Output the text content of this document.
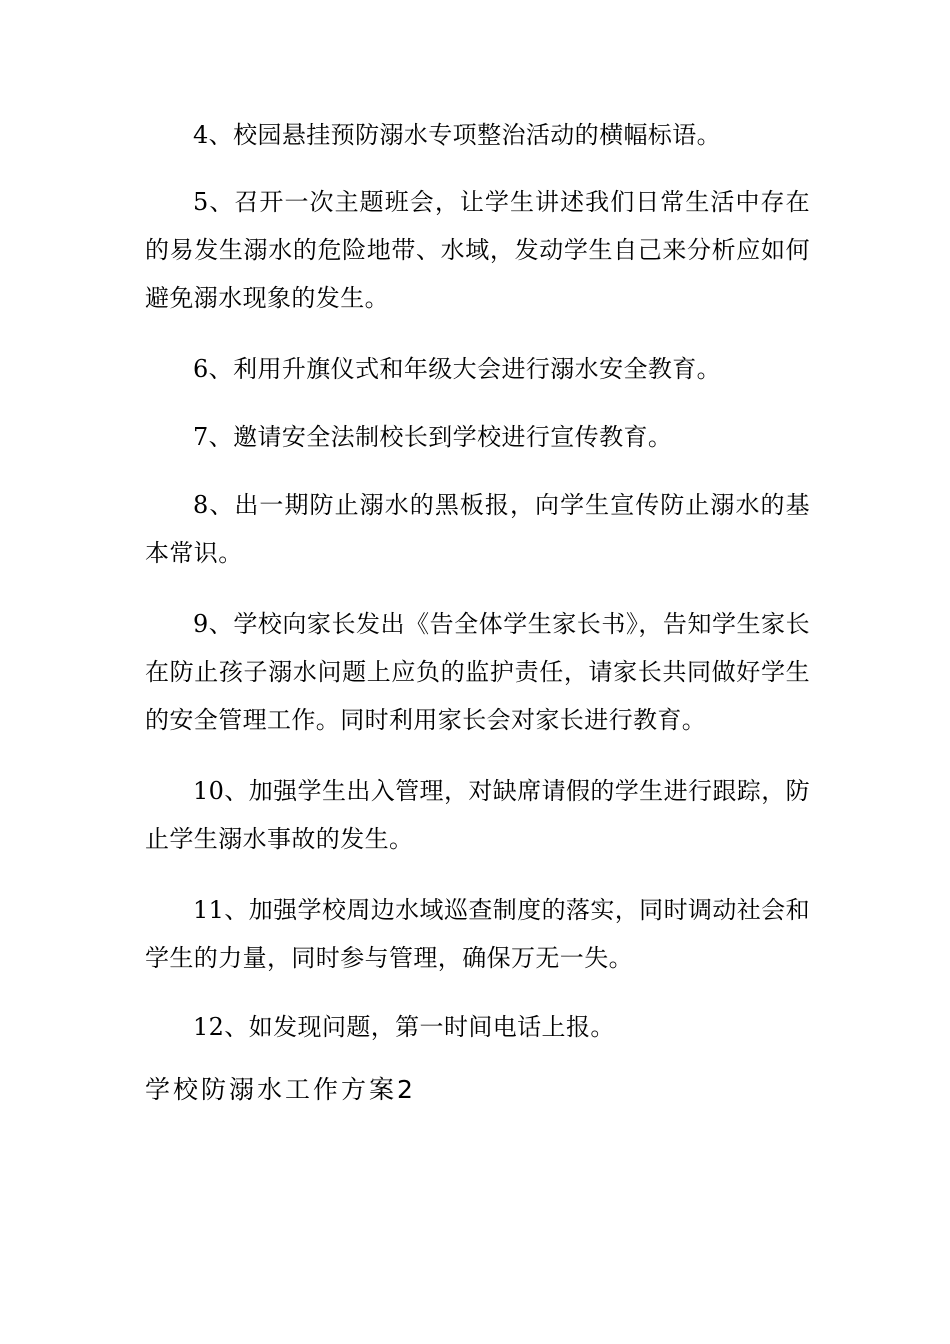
4、校园悬挂预防溺水专项整治活动的横幅标语。

5、召开一次主题班会，让学生讲述我们日常生活中存在的易发生溺水的危险地带、水域，发动学生自己来分析应如何避免溺水现象的发生。

6、利用升旗仪式和年级大会进行溺水安全教育。

7、邀请安全法制校长到学校进行宣传教育。

8、出一期防止溺水的黑板报，向学生宣传防止溺水的基本常识。

9、学校向家长发出《告全体学生家长书》，告知学生家长在防止孩子溺水问题上应负的监护责任，请家长共同做好学生的安全管理工作。同时利用家长会对家长进行教育。

10、加强学生出入管理，对缺席请假的学生进行跟踪，防止学生溺水事故的发生。

11、加强学校周边水域巡查制度的落实，同时调动社会和学生的力量，同时参与管理，确保万无一失。

12、如发现问题，第一时间电话上报。

学校防溺水工作方案2
